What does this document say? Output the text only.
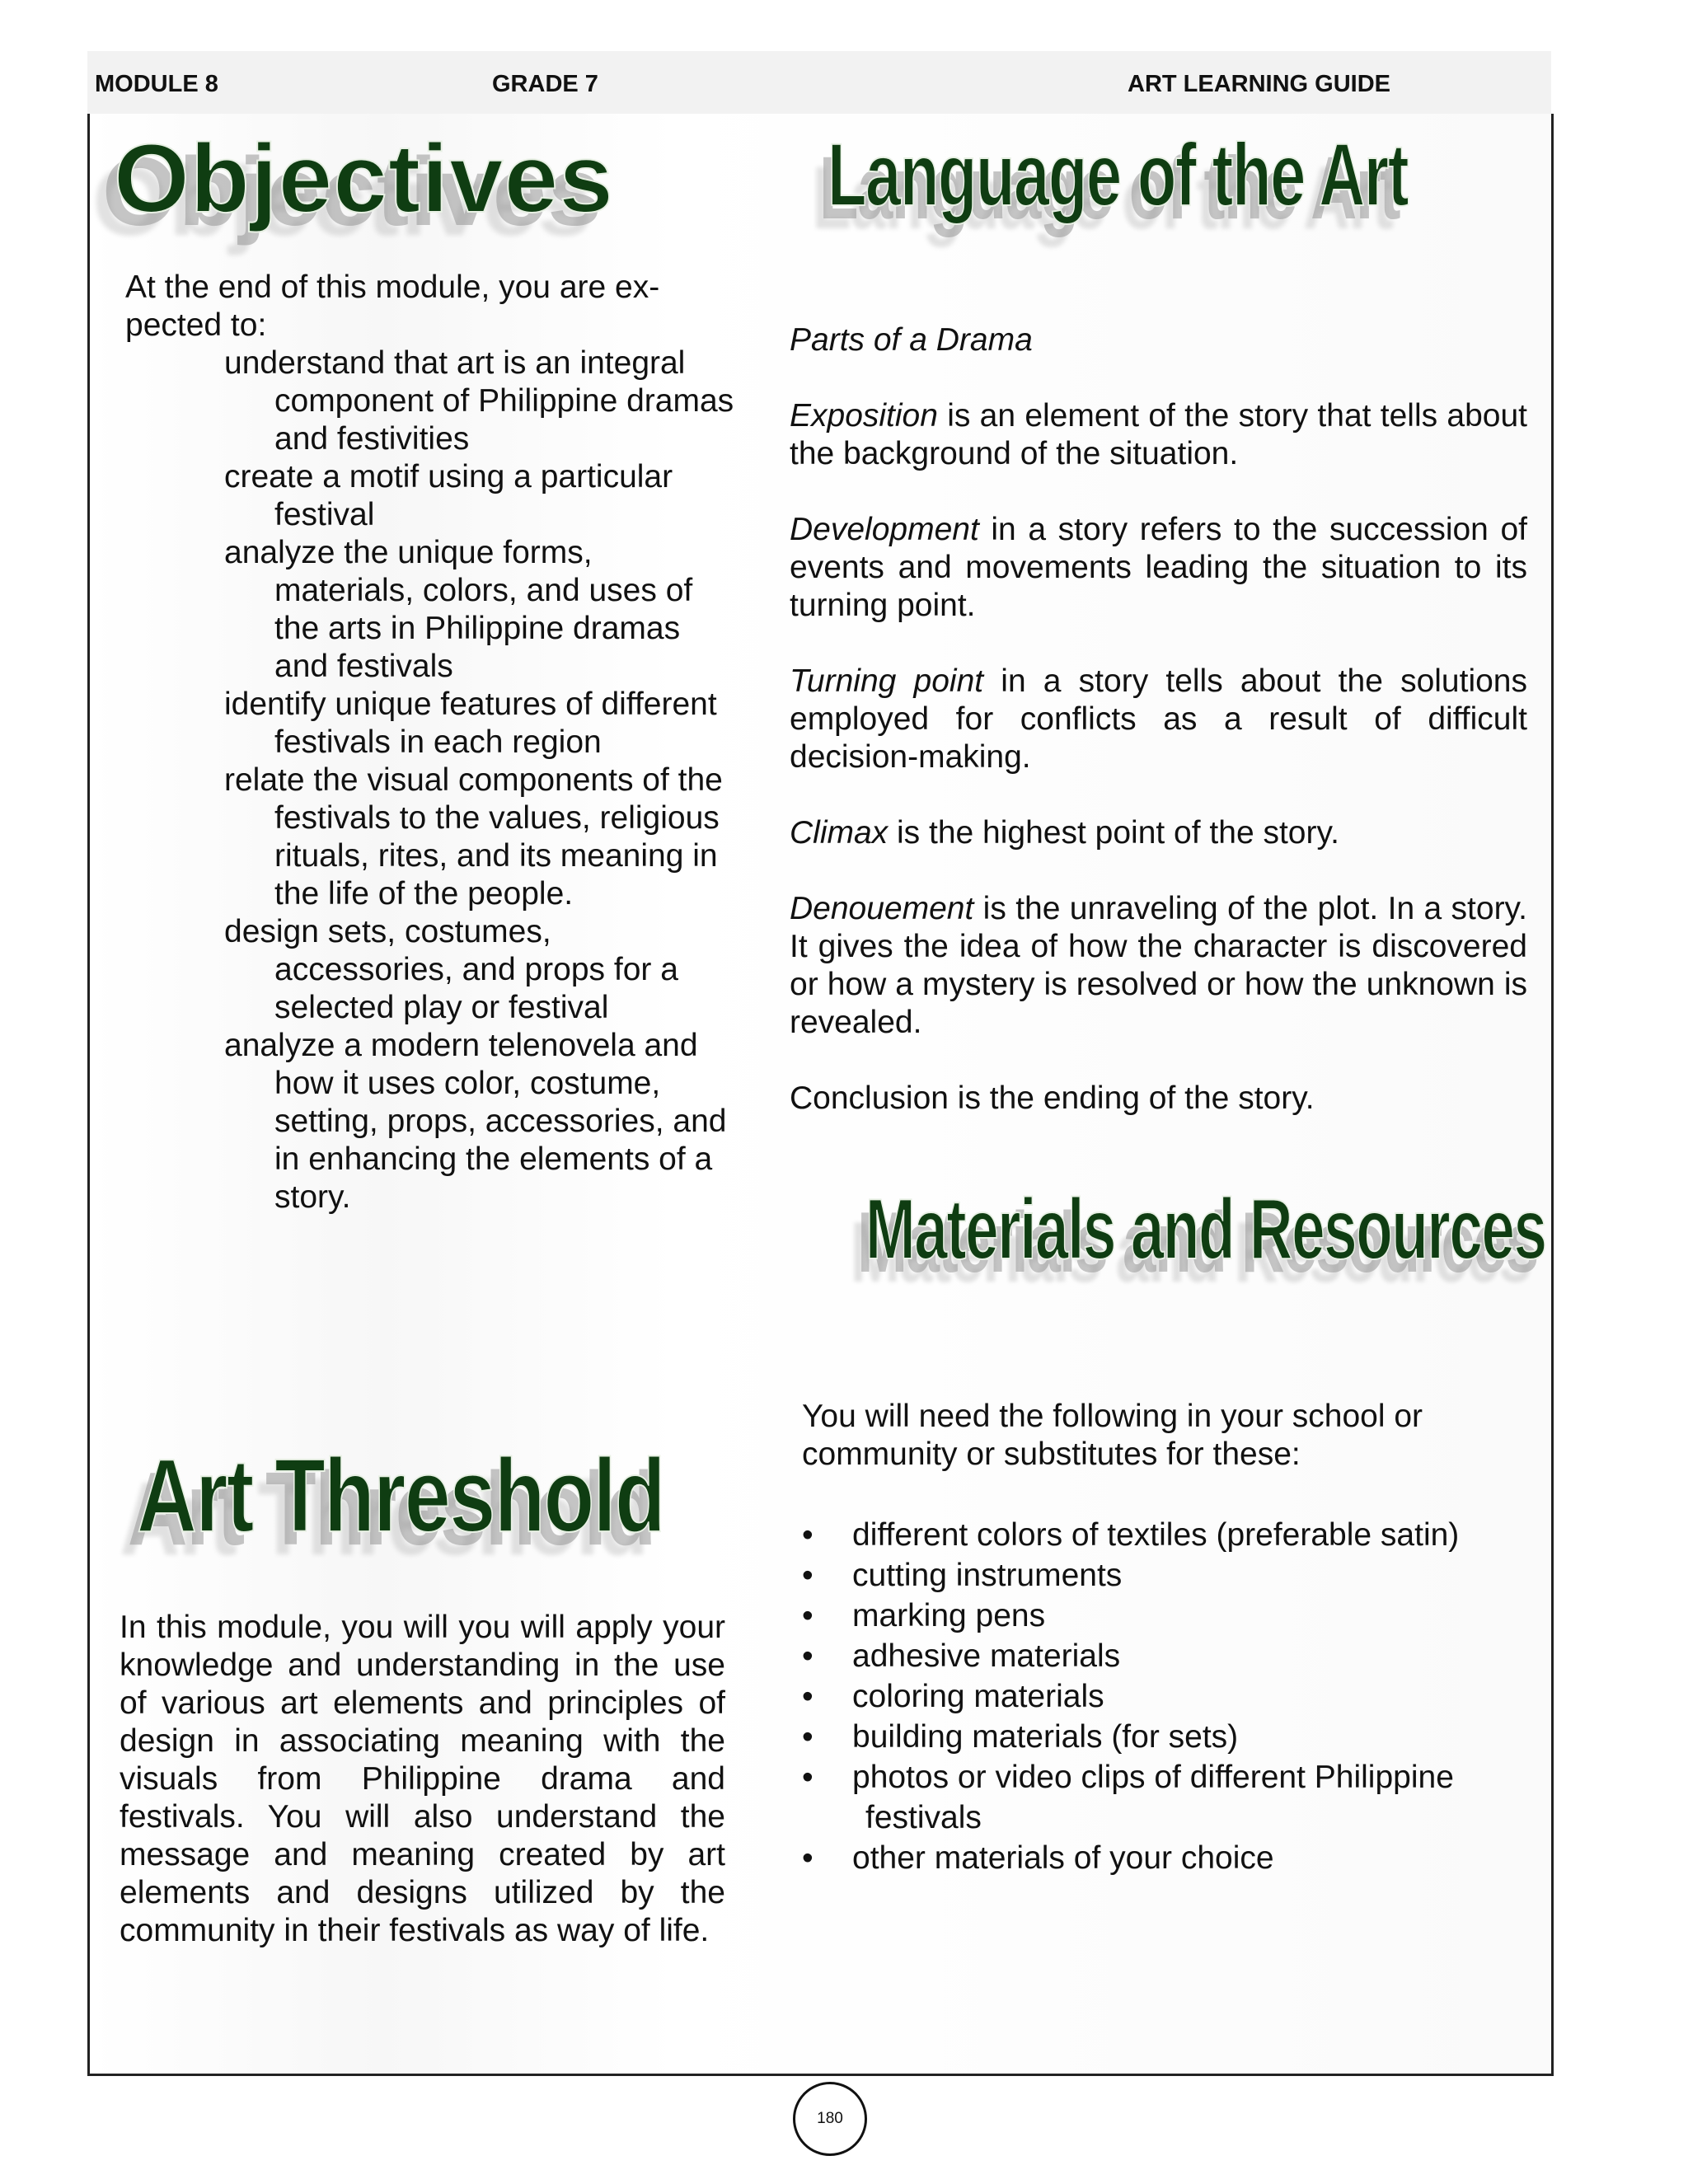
MODULE 8	GRADE 7	ART LEARNING GUIDE
Objectives Language of the Art
Materials and Resources
Art Threshold
At the end of this module, you are ex-pected to:
understand that art is an integral component of Philippine dramas and festivities
create a motif using a particular festival
analyze the unique forms, materials, colors, and uses of the arts in Philippine dramas and festivals
identify unique features of different festivals in each region
relate the visual components of the festivals to the values, religious rituals, rites, and its meaning in the life of the people.
design sets, costumes, accessories, and props for a selected play or festival
analyze a modern telenovela and how it uses color, costume, setting, props, accessories, and in enhancing the elements of a story.

Parts of a Drama

Exposition is an element of the story that tells about the background of the situation.

Development in a story refers to the succession of events and movements leading the situation to its turning point.

Turning point in a story tells about the solutions employed for conflicts as a result of difficult decision-making.

Climax is the highest point of the story.

Denouement is the unraveling of the plot. In a story. It gives the idea of how the character is discovered or how a mystery is resolved or how the unknown is revealed.

Conclusion is the ending of the story.

You will need the following in your school or community or substitutes for these:
• different colors of textiles (preferable satin)
• cutting instruments
• marking pens
• adhesive materials
• coloring materials
• building materials (for sets)
• photos or video clips of different Philippine
festivals
• other materials of your choice
In this module, you will you will apply your knowledge and understanding in the use of various art elements and principles of design in associating meaning with the visuals from Philippine drama and festivals. You will also understand the message and meaning created by art elements and designs utilized by the community in their festivals as way of life.
180
